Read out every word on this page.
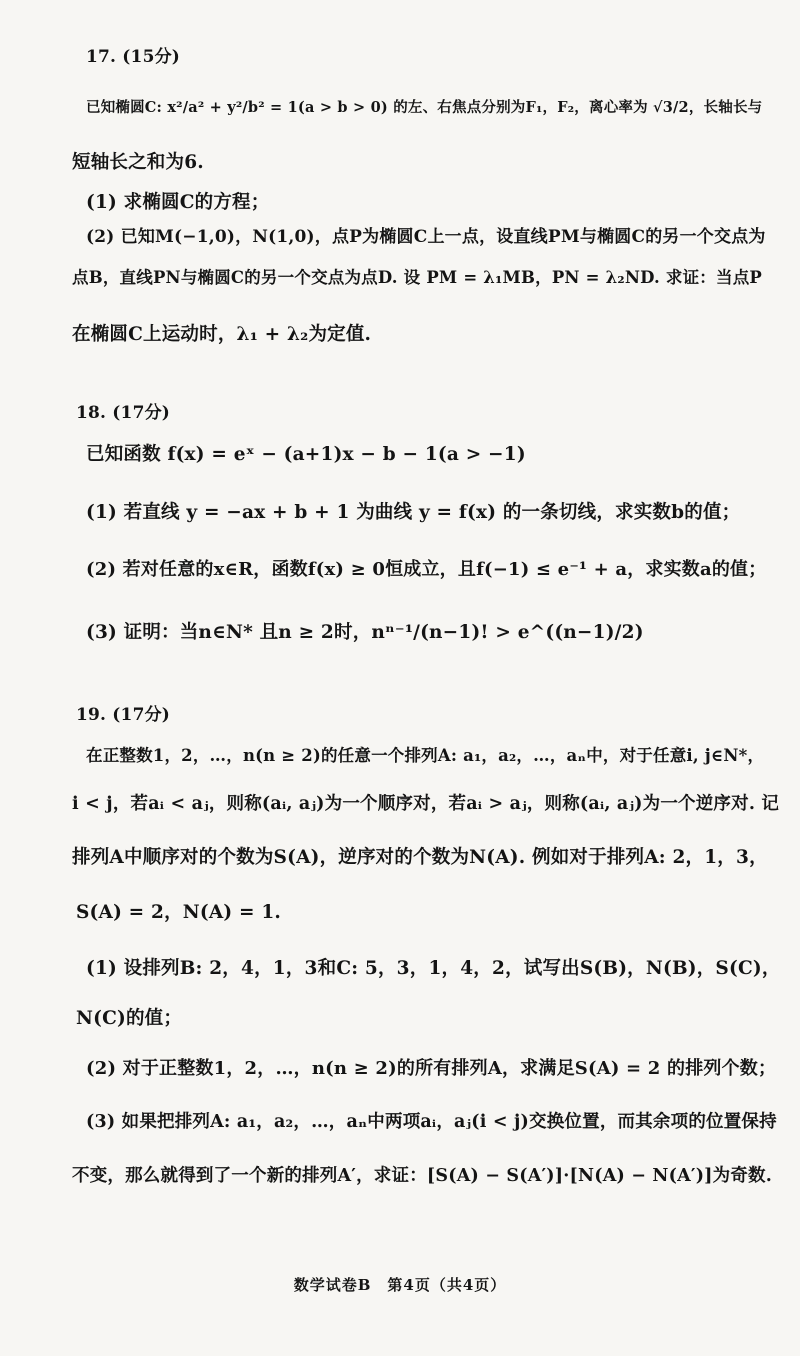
17. (15分)
已知椭圆C: x²/a² + y²/b² = 1(a > b > 0) 的左、右焦点分别为F₁，F₂，离心率为 √3/2，长轴长与
短轴长之和为6.
(1) 求椭圆C的方程；
(2) 已知M(−1,0)，N(1,0)，点P为椭圆C上一点，设直线PM与椭圆C的另一个交点为
点B，直线PN与椭圆C的另一个交点为点D. 设 PM = λ₁MB，PN = λ₂ND. 求证：当点P
在椭圆C上运动时，λ₁ + λ₂为定值.
18. (17分)
已知函数 f(x) = eˣ − (a+1)x − b − 1(a > −1)
(1) 若直线 y = −ax + b + 1 为曲线 y = f(x) 的一条切线，求实数b的值；
(2) 若对任意的x∈R，函数f(x) ≥ 0恒成立，且f(−1) ≤ e⁻¹ + a，求实数a的值；
(3) 证明：当n∈N* 且n ≥ 2时，nⁿ⁻¹/(n−1)! > e^((n−1)/2)
19. (17分)
在正整数1，2，…，n(n ≥ 2)的任意一个排列A: a₁，a₂，…，aₙ中，对于任意i, j∈N*，
i < j，若aᵢ < aⱼ，则称(aᵢ, aⱼ)为一个顺序对，若aᵢ > aⱼ，则称(aᵢ, aⱼ)为一个逆序对. 记
排列A中顺序对的个数为S(A)，逆序对的个数为N(A). 例如对于排列A: 2，1，3，
S(A) = 2，N(A) = 1.
(1) 设排列B: 2，4，1，3和C: 5，3，1，4，2，试写出S(B)，N(B)，S(C)，
N(C)的值；
(2) 对于正整数1，2，…，n(n ≥ 2)的所有排列A，求满足S(A) = 2 的排列个数；
(3) 如果把排列A: a₁，a₂，…，aₙ中两项aᵢ，aⱼ(i < j)交换位置，而其余项的位置保持
不变，那么就得到了一个新的排列A′，求证：[S(A) − S(A′)]·[N(A) − N(A′)]为奇数.
数学试卷B　第4页（共4页）
